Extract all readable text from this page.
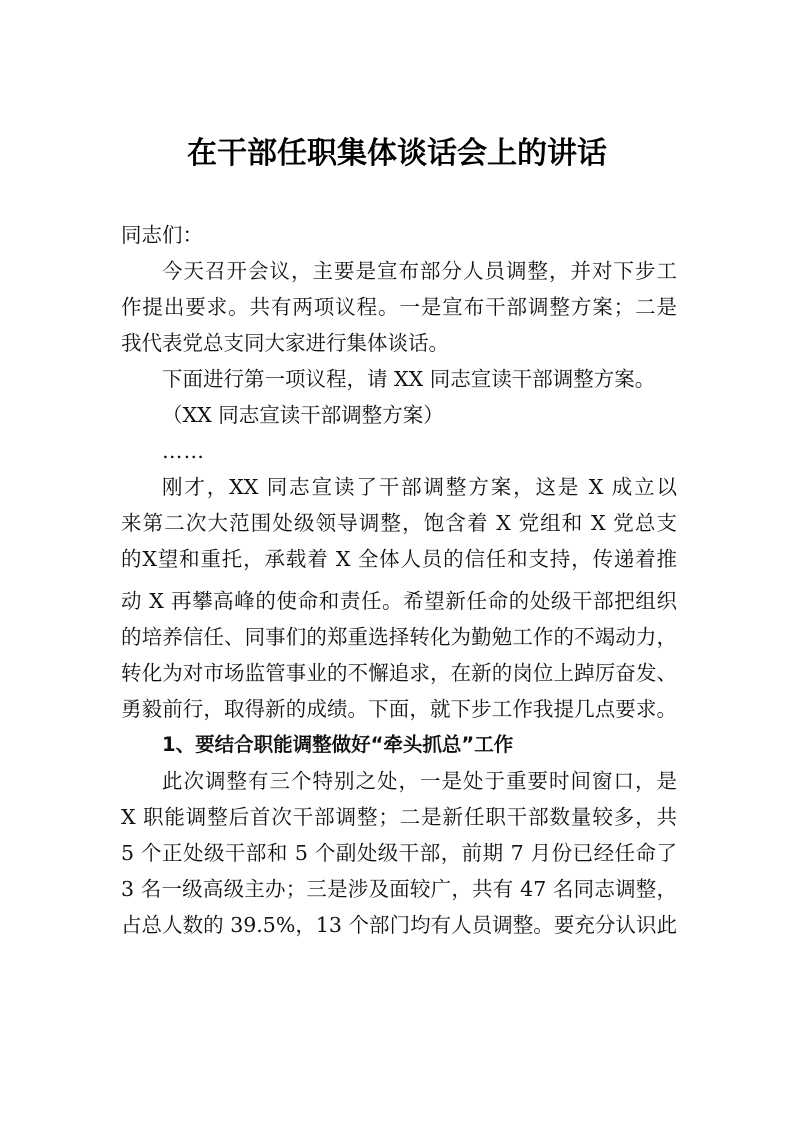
在干部任职集体谈话会上的讲话
同志们：
今天召开会议，主要是宣布部分人员调整，并对下步工
作提出要求。共有两项议程。一是宣布干部调整方案；二是
我代表党总支同大家进行集体谈话。
下面进行第一项议程，请 XX 同志宣读干部调整方案。
（XX 同志宣读干部调整方案）
……
刚才，XX 同志宣读了干部调整方案，这是 X 成立以
来第二次大范围处级领导调整，饱含着 X 党组和 X 党总支
的X望和重托，承载着 X 全体人员的信任和支持，传递着推
动 X 再攀高峰的使命和责任。希望新任命的处级干部把组织
的培养信任、同事们的郑重选择转化为勤勉工作的不竭动力，
转化为对市场监管事业的不懈追求，在新的岗位上踔厉奋发、
勇毅前行，取得新的成绩。下面，就下步工作我提几点要求。
1、要结合职能调整做好“牵头抓总”工作
此次调整有三个特别之处，一是处于重要时间窗口，是
X 职能调整后首次干部调整；二是新任职干部数量较多，共
5 个正处级干部和 5 个副处级干部，前期 7 月份已经任命了
3 名一级高级主办；三是涉及面较广，共有 47 名同志调整，
占总人数的 39.5%，13 个部门均有人员调整。要充分认识此
